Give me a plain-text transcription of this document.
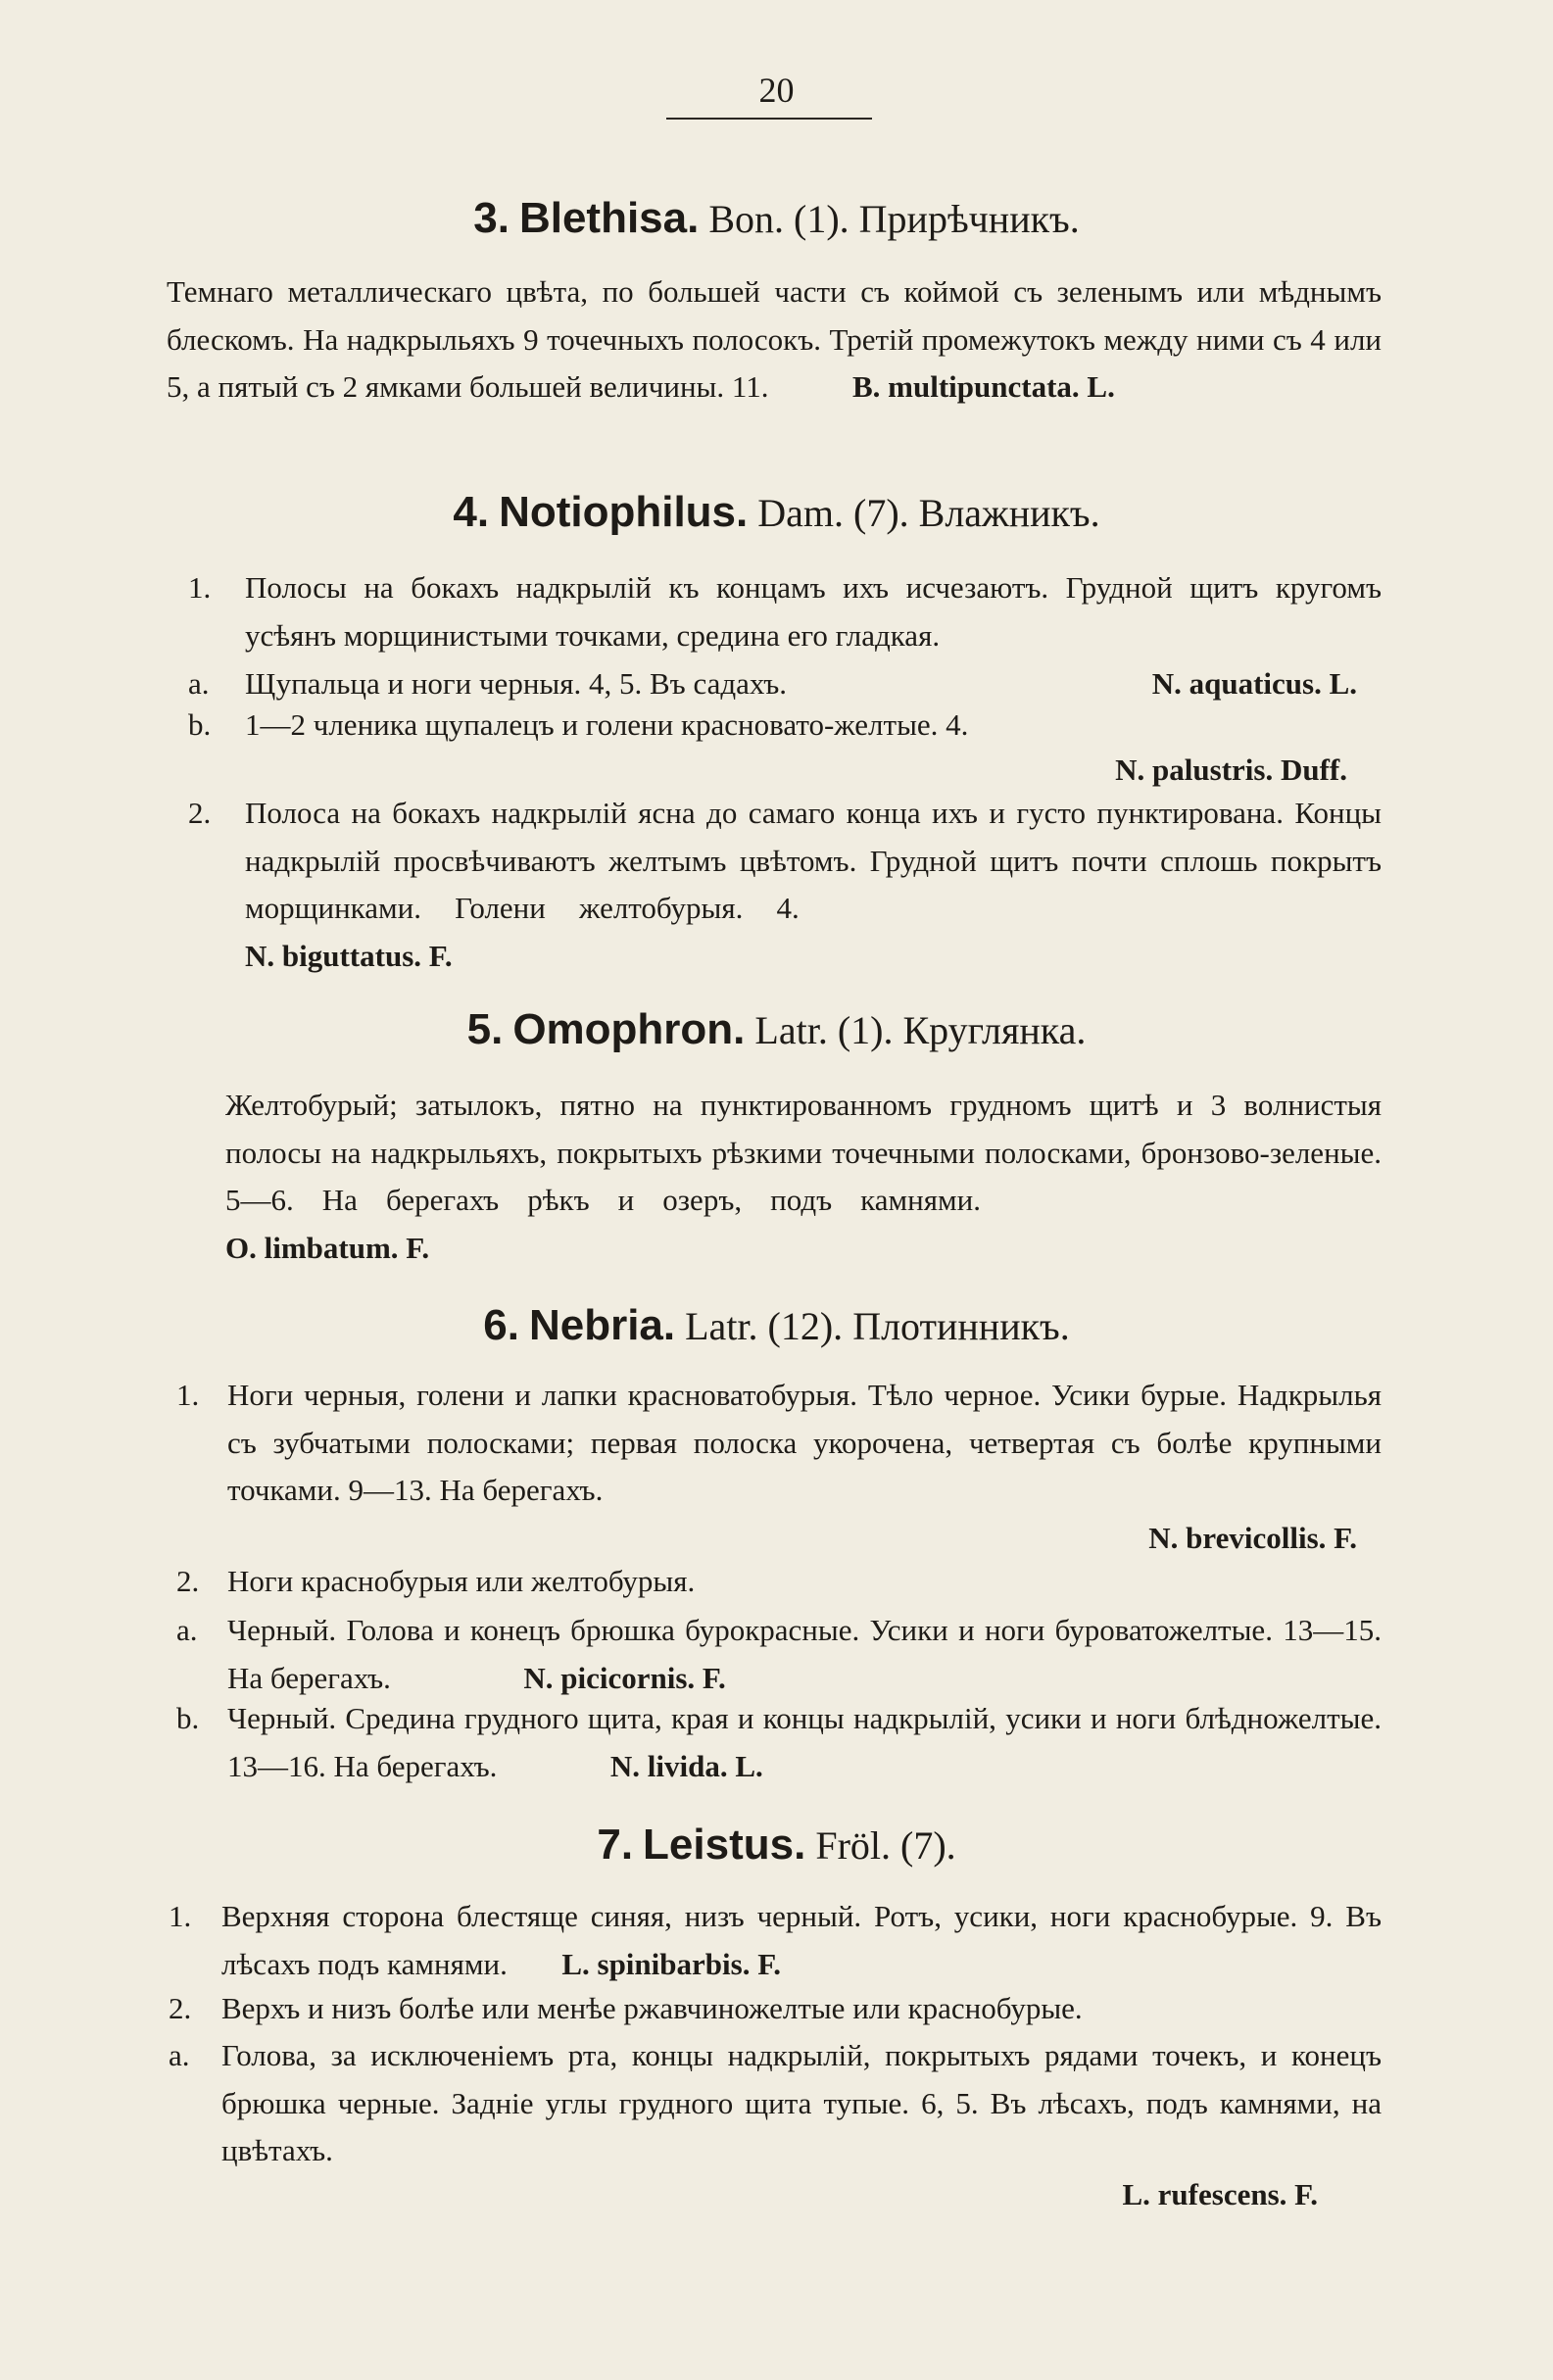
20
3. Blethisa. Bon. (1). Прирѣчникъ.
Темнаго металлическаго цвѣта, по большей части съ коймой съ зеленымъ или мѣднымъ блескомъ. На надкрыльяхъ 9 точечныхъ полосокъ. Третій промежутокъ между ними съ 4 или 5, а пятый съ 2 ямками большей величины. 11.	B. multipunctata. L.
4. Notiophilus. Dam. (7). Влажникъ.
1. Полосы на бокахъ надкрылій къ концамъ ихъ исчезаютъ. Грудной щитъ кругомъ усѣянъ морщинистыми точками, средина его гладкая.
a. Щупальца и ноги черныя. 4, 5. Въ садахъ.	N. aquaticus. L.
b. 1—2 членика щупалецъ и голени красновато-желтые. 4.
N. palustris. Duff.
2. Полоса на бокахъ надкрылій ясна до самаго конца ихъ и густо пунктирована. Концы надкрылій просвѣчиваютъ желтымъ цвѣтомъ. Грудной щитъ почти сплошь покрытъ морщинками. Голени желтобурыя. 4.  N. biguttatus. F.
5. Omophron. Latr. (1). Круглянка.
Желтобурый; затылокъ, пятно на пунктированномъ грудномъ щитѣ и 3 волнистыя полосы на надкрыльяхъ, покрытыхъ рѣзкими точечными полосками, бронзово-зеленые. 5—6. На берегахъ рѣкъ и озеръ, подъ камнями.  O. limbatum. F.
6. Nebria. Latr. (12). Плотинникъ.
1. Ноги черныя, голени и лапки красноватобурыя. Тѣло черное. Усики бурые. Надкрылья съ зубчатыми полосками; первая полоска укорочена, четвертая съ болѣе крупными точками. 9—13. На берегахъ.
N. brevicollis. F.
2. Ноги краснобурыя или желтобурыя.
a. Черный. Голова и конецъ брюшка бурокрасные. Усики и ноги буроватожелтые. 13—15. На берегахъ.	N. picicornis. F.
b. Черный. Средина грудного щита, края и концы надкрылій, усики и ноги блѣдножелтые. 13—16. На берегахъ.	N. livida. L.
7. Leistus. Fröl. (7).
1. Верхняя сторона блестяще синяя, низъ черный. Ротъ, усики, ноги краснобурые. 9. Въ лѣсахъ подъ камнями. L. spinibarbis. F.
2. Верхъ и низъ болѣе или менѣе ржавчиножелтые или краснобурые.
a. Голова, за исключеніемъ рта, концы надкрылій, покрытыхъ рядами точекъ, и конецъ брюшка черные. Задніе углы грудного щита тупые. 6, 5. Въ лѣсахъ, подъ камнями, на цвѣтахъ.
L. rufescens. F.
